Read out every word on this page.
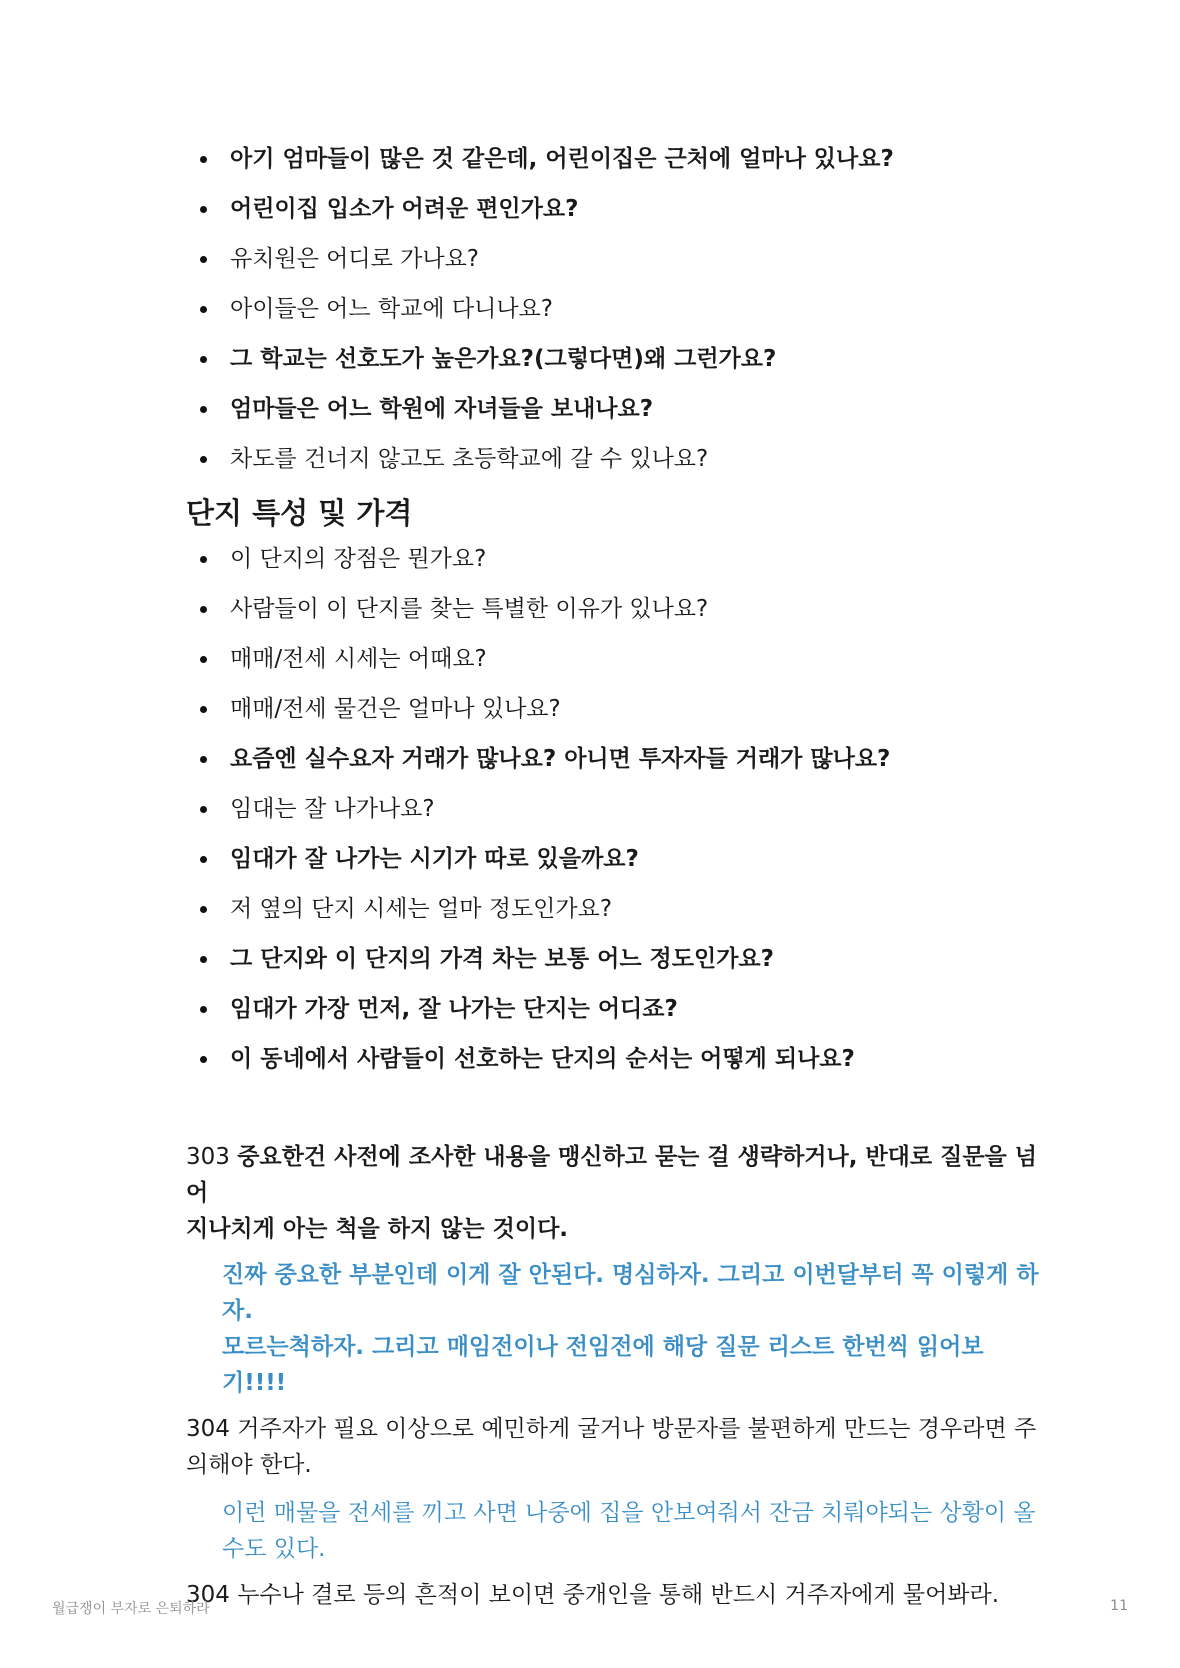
아기 엄마들이 많은 것 같은데, 어린이집은 근처에 얼마나 있나요?
어린이집 입소가 어려운 편인가요?
유치원은 어디로 가나요?
아이들은 어느 학교에 다니나요?
그 학교는 선호도가 높은가요?(그렇다면)왜 그런가요?
엄마들은 어느 학원에 자녀들을 보내나요?
차도를 건너지 않고도 초등학교에 갈 수 있나요?
단지 특성 및 가격
이 단지의 장점은 뭔가요?
사람들이 이 단지를 찾는 특별한 이유가 있나요?
매매/전세 시세는 어때요?
매매/전세 물건은 얼마나 있나요?
요즘엔 실수요자 거래가 많나요? 아니면 투자자들 거래가 많나요?
임대는 잘 나가나요?
임대가 잘 나가는 시기가 따로 있을까요?
저 옆의 단지 시세는 얼마 정도인가요?
그 단지와 이 단지의 가격 차는 보통 어느 정도인가요?
임대가 가장 먼저, 잘 나가는 단지는 어디죠?
이 동네에서 사람들이 선호하는 단지의 순서는 어떻게 되나요?

303 중요한건 사전에 조사한 내용을 맹신하고 묻는 걸 생략하거나, 반대로 질문을 넘어
지나치게 아는 척을 하지 않는 것이다.

진짜 중요한 부분인데 이게 잘 안된다. 명심하자. 그리고 이번달부터 꼭 이렇게 하자.
모르는척하자. 그리고 매임전이나 전임전에 해당 질문 리스트 한번씩 읽어보기!!!!

304 거주자가 필요 이상으로 예민하게 굴거나 방문자를 불편하게 만드는 경우라면 주
의해야 한다.

이런 매물을 전세를 끼고 사면 나중에 집을 안보여줘서 잔금 치뤄야되는 상황이 올
수도 있다.

304 누수나 결로 등의 흔적이 보이면 중개인을 통해 반드시 거주자에게 물어봐라.

월급쟁이 부자로 은퇴하라	11
